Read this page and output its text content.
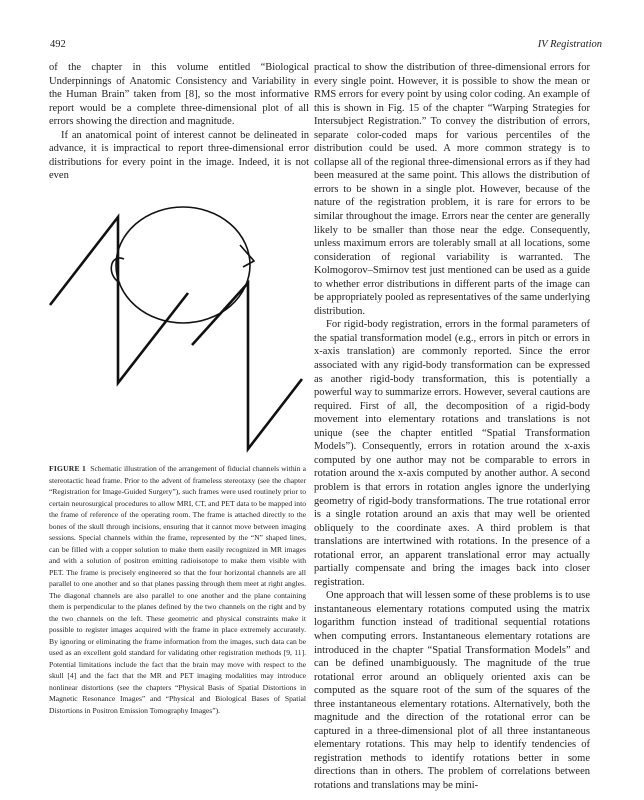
492	IV Registration

of the chapter in this volume entitled “Biological Underpinnings of Anatomic Consistency and Variability in the Human Brain” taken from [8], so the most informative report would be a complete three-dimensional plot of all errors showing the direction and magnitude.

If an anatomical point of interest cannot be delineated in advance, it is impractical to report three-dimensional error distributions for every point in the image. Indeed, it is not even

FIGURE 1 Schematic illustration of the arrangement of fiducial channels within a stereotactic head frame. Prior to the advent of frameless stereotaxy (see the chapter “Registration for Image-Guided Surgery”), such frames were used routinely prior to certain neurosurgical procedures to allow MRI, CT, and PET data to be mapped into the frame of reference of the operating room. The frame is attached directly to the bones of the skull through incisions, ensuring that it cannot move between imaging sessions. Special channels within the frame, represented by the “N” shaped lines, can be filled with a copper solution to make them easily recognized in MR images and with a solution of positron emitting radioisotope to make them visible with PET. The frame is precisely engineered so that the four horizontal channels are all parallel to one another and so that planes passing through them meet at right angles. The diagonal channels are also parallel to one another and the plane containing them is perpendicular to the planes defined by the two channels on the right and by the two channels on the left. These geometric and physical constraints make it possible to register images acquired with the frame in place extremely accurately. By ignoring or eliminating the frame information from the images, such data can be used as an excellent gold standard for validating other registration methods [9, 11]. Potential limitations include the fact that the brain may move with respect to the skull [4] and the fact that the MR and PET imaging modalities may introduce nonlinear distortions (see the chapters “Physical Basis of Spatial Distortions in Magnetic Resonance Images” and “Physical and Biological Bases of Spatial Distortions in Positron Emission Tomography Images”).

practical to show the distribution of three-dimensional errors for every single point. However, it is possible to show the mean or RMS errors for every point by using color coding. An example of this is shown in Fig. 15 of the chapter “Warping Strategies for Intersubject Registration.” To convey the distribution of errors, separate color-coded maps for various percentiles of the distribution could be used. A more common strategy is to collapse all of the regional three-dimensional errors as if they had been measured at the same point. This allows the distribution of errors to be shown in a single plot. However, because of the nature of the registration problem, it is rare for errors to be similar throughout the image. Errors near the center are generally likely to be smaller than those near the edge. Consequently, unless maximum errors are tolerably small at all locations, some consideration of regional variability is warranted. The Kolmogorov–Smirnov test just mentioned can be used as a guide to whether error distributions in different parts of the image can be appropriately pooled as representatives of the same underlying distribution.

For rigid-body registration, errors in the formal parameters of the spatial transformation model (e.g., errors in pitch or errors in x-axis translation) are commonly reported. Since the error associated with any rigid-body transformation can be expressed as another rigid-body transformation, this is potentially a powerful way to summarize errors. However, several cautions are required. First of all, the decomposition of a rigid-body movement into elementary rotations and translations is not unique (see the chapter entitled “Spatial Transformation Models”). Consequently, errors in rotation around the x-axis computed by one author may not be comparable to errors in rotation around the x-axis computed by another author. A second problem is that errors in rotation angles ignore the underlying geometry of rigid-body transformations. The true rotational error is a single rotation around an axis that may well be oriented obliquely to the coordinate axes. A third problem is that translations are intertwined with rotations. In the presence of a rotational error, an apparent translational error may actually partially compensate and bring the images back into closer registration.

One approach that will lessen some of these problems is to use instantaneous elementary rotations computed using the matrix logarithm function instead of traditional sequential rotations when computing errors. Instantaneous elementary rotations are introduced in the chapter “Spatial Transformation Models” and can be defined unambiguously. The magnitude of the true rotational error around an obliquely oriented axis can be computed as the square root of the sum of the squares of the three instantaneous elementary rotations. Alternatively, both the magnitude and the direction of the rotational error can be captured in a three-dimensional plot of all three instantaneous elementary rotations. This may help to identify tendencies of registration methods to identify rotations better in some directions than in others. The problem of correlations between rotations and translations may be mini-
